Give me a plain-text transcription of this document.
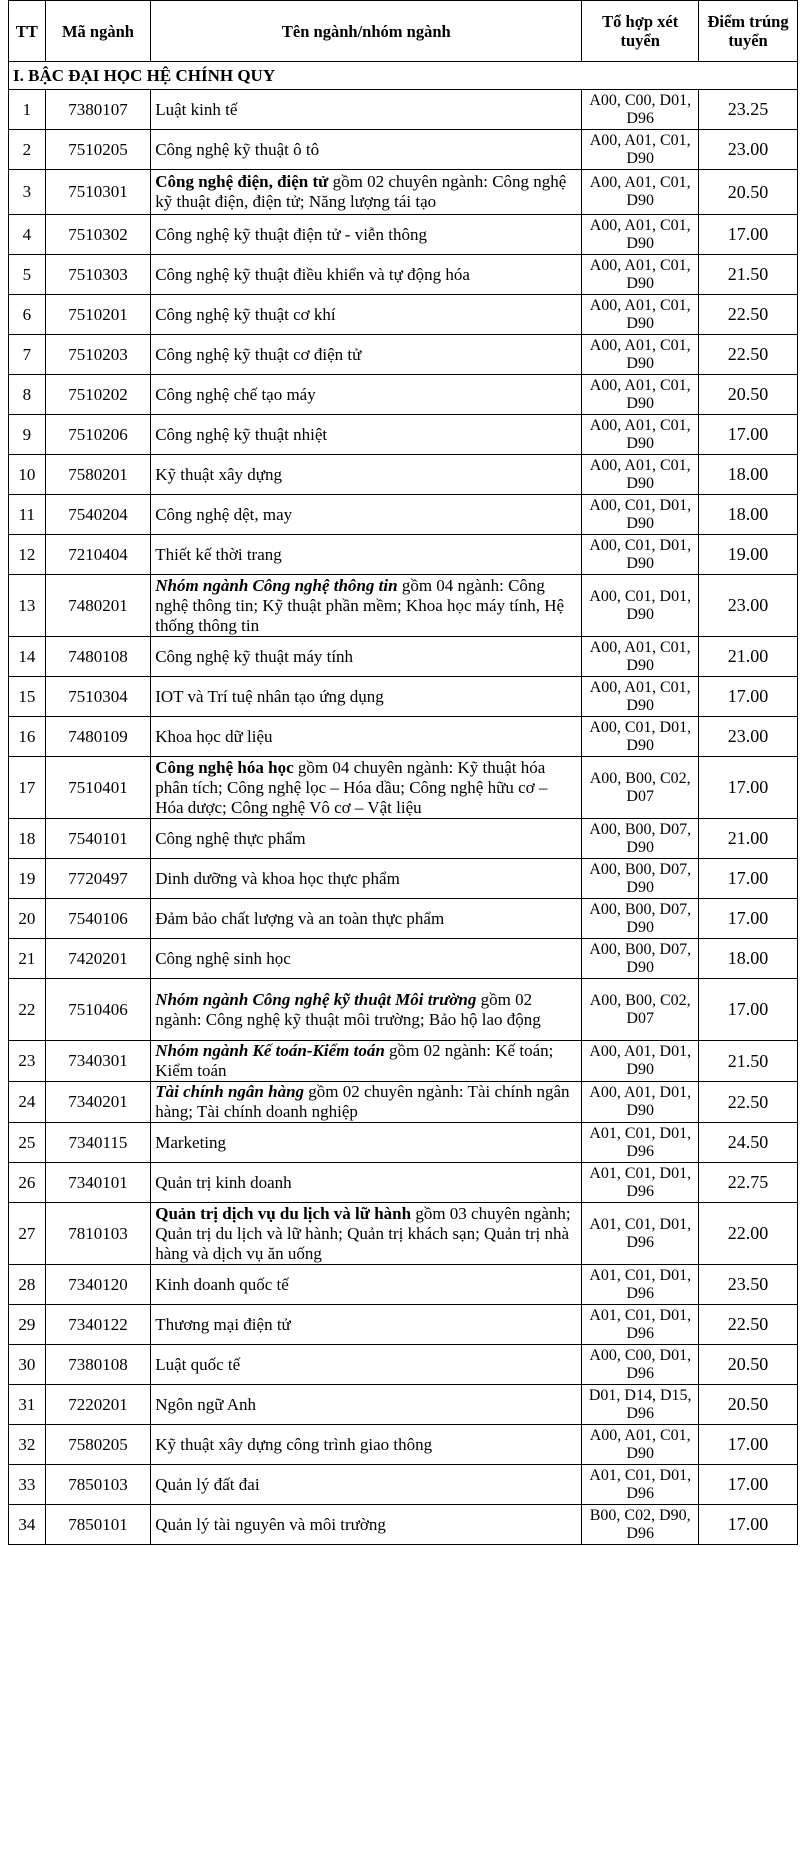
TT	Mã ngành	Tên ngành/nhóm ngành	Tổ hợp xét tuyển	Điểm trúng tuyển
I. BẬC ĐẠI HỌC HỆ CHÍNH QUY				
1	7380107	Luật kinh tế	A00, C00, D01, D96	23.25
2	7510205	Công nghệ kỹ thuật ô tô	A00, A01, C01, D90	23.00
3	7510301	Công nghệ điện, điện tử gồm 02 chuyên ngành: Công nghệ kỹ thuật điện, điện tử; Năng lượng tái tạo	A00, A01, C01, D90	20.50
4	7510302	Công nghệ kỹ thuật điện tử - viễn thông	A00, A01, C01, D90	17.00
5	7510303	Công nghệ kỹ thuật điều khiển và tự động hóa	A00, A01, C01, D90	21.50
6	7510201	Công nghệ kỹ thuật cơ khí	A00, A01, C01, D90	22.50
7	7510203	Công nghệ kỹ thuật cơ điện tử	A00, A01, C01, D90	22.50
8	7510202	Công nghệ chế tạo máy	A00, A01, C01, D90	20.50
9	7510206	Công nghệ kỹ thuật nhiệt	A00, A01, C01, D90	17.00
10	7580201	Kỹ thuật xây dựng	A00, A01, C01, D90	18.00
11	7540204	Công nghệ dệt, may	A00, C01, D01, D90	18.00
12	7210404	Thiết kế thời trang	A00, C01, D01, D90	19.00
13	7480201	Nhóm ngành Công nghệ thông tin gồm 04 ngành: Công nghệ thông tin; Kỹ thuật phần mềm; Khoa học máy tính, Hệ thống thông tin	A00, C01, D01, D90	23.00
14	7480108	Công nghệ kỹ thuật máy tính	A00, A01, C01, D90	21.00
15	7510304	IOT và Trí tuệ nhân tạo ứng dụng	A00, A01, C01, D90	17.00
16	7480109	Khoa học dữ liệu	A00, C01, D01, D90	23.00
17	7510401	Công nghệ hóa học gồm 04 chuyên ngành: Kỹ thuật hóa phân tích; Công nghệ lọc – Hóa dầu; Công nghệ hữu cơ – Hóa dược; Công nghệ Vô cơ – Vật liệu	A00, B00, C02, D07	17.00
18	7540101	Công nghệ thực phẩm	A00, B00, D07, D90	21.00
19	7720497	Dinh dưỡng và khoa học thực phẩm	A00, B00, D07, D90	17.00
20	7540106	Đảm bảo chất lượng và an toàn thực phẩm	A00, B00, D07, D90	17.00
21	7420201	Công nghệ sinh học	A00, B00, D07, D90	18.00
22	7510406	Nhóm ngành Công nghệ kỹ thuật Môi trường gồm 02 ngành: Công nghệ kỹ thuật môi trường; Bảo hộ lao động	A00, B00, C02, D07	17.00
23	7340301	Nhóm ngành Kế toán-Kiểm toán gồm 02 ngành: Kế toán; Kiểm toán	A00, A01, D01, D90	21.50
24	7340201	Tài chính ngân hàng gồm 02 chuyên ngành: Tài chính ngân hàng; Tài chính doanh nghiệp	A00, A01, D01, D90	22.50
25	7340115	Marketing	A01, C01, D01, D96	24.50
26	7340101	Quản trị kinh doanh	A01, C01, D01, D96	22.75
27	7810103	Quản trị dịch vụ du lịch và lữ hành gồm 03 chuyên ngành; Quản trị du lịch và lữ hành; Quản trị khách sạn; Quản trị nhà hàng và dịch vụ ăn uống	A01, C01, D01, D96	22.00
28	7340120	Kinh doanh quốc tế	A01, C01, D01, D96	23.50
29	7340122	Thương mại điện tử	A01, C01, D01, D96	22.50
30	7380108	Luật quốc tế	A00, C00, D01, D96	20.50
31	7220201	Ngôn ngữ Anh	D01, D14, D15, D96	20.50
32	7580205	Kỹ thuật xây dựng công trình giao thông	A00, A01, C01, D90	17.00
33	7850103	Quản lý đất đai	A01, C01, D01, D96	17.00
34	7850101	Quản lý tài nguyên và môi trường	B00, C02, D90, D96	17.00
